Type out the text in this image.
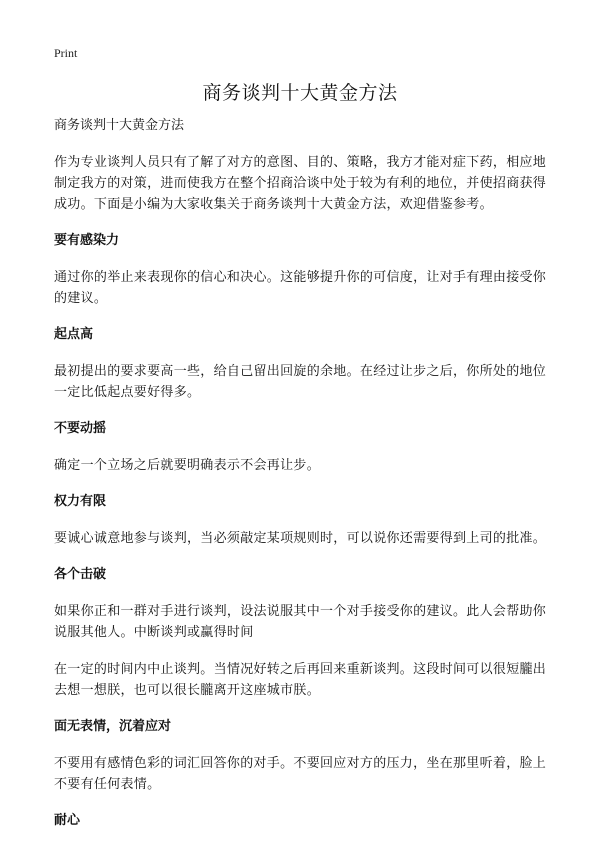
Print
商务谈判十大黄金方法

商务谈判十大黄金方法

作为专业谈判人员只有了解了对方的意图、目的、策略，我方才能对症下药，相应地制定我方的对策，进而使我方在整个招商洽谈中处于较为有利的地位，并使招商获得成功。下面是小编为大家收集关于商务谈判十大黄金方法，欢迎借鉴参考。

要有感染力

通过你的举止来表现你的信心和决心。这能够提升你的可信度，让对手有理由接受你的建议。

起点高

最初提出的要求要高一些，给自己留出回旋的余地。在经过让步之后，你所处的地位一定比低起点要好得多。

不要动摇

确定一个立场之后就要明确表示不会再让步。

权力有限

要诚心诚意地参与谈判，当必须敲定某项规则时，可以说你还需要得到上司的批准。

各个击破

如果你正和一群对手进行谈判，设法说服其中一个对手接受你的建议。此人会帮助你说服其他人。中断谈判或赢得时间

在一定的时间内中止谈判。当情况好转之后再回来重新谈判。这段时间可以很短朧出去想一想朕，也可以很长朧离开这座城市朕。

面无表情，沉着应对

不要用有感情色彩的词汇回答你的对手。不要回应对方的压力，坐在那里听着，脸上不要有任何表情。

耐心
